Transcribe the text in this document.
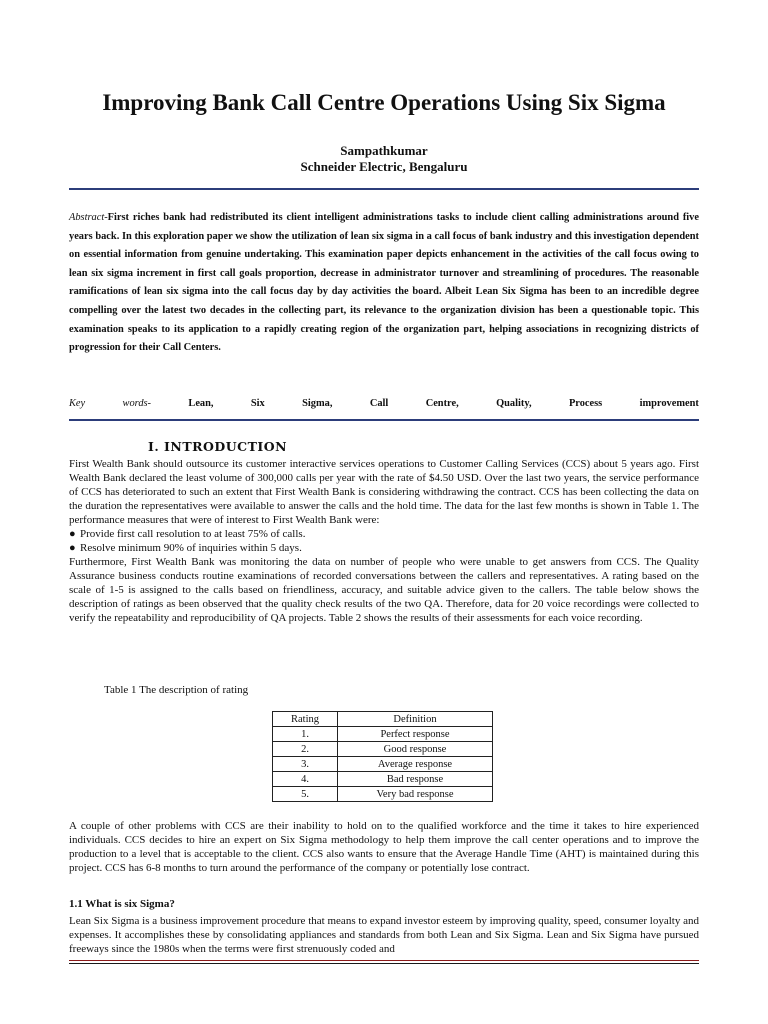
Improving Bank Call Centre Operations Using Six Sigma
Sampathkumar
Schneider Electric, Bengaluru
Abstract-First riches bank had redistributed its client intelligent administrations tasks to include client calling administrations around five years back. In this exploration paper we show the utilization of lean six sigma in a call focus of bank industry and this investigation dependent on essential information from genuine undertaking. This examination paper depicts enhancement in the activities of the call focus owing to lean six sigma increment in first call goals proportion, decrease in administrator turnover and streamlining of procedures. The reasonable ramifications of lean six sigma into the call focus day by day activities the board. Albeit Lean Six Sigma has been to an incredible degree compelling over the latest two decades in the collecting part, its relevance to the organization division has been a questionable topic. This examination speaks to its application to a rapidly creating region of the organization part, helping associations in recognizing districts of progression for their Call Centers.
Key	words-	Lean,	Six	Sigma,	Call	Centre,	Quality,	Process	improvement
I. INTRODUCTION

First Wealth Bank should outsource its customer interactive services operations to Customer Calling Services (CCS) about 5 years ago. First Wealth Bank declared the least volume of 300,000 calls per year with the rate of $4.50 USD. Over the last two years, the service performance of CCS has deteriorated to such an extent that First Wealth Bank is considering withdrawing the contract. CCS has been collecting the data on the duration the representatives were available to answer the calls and the hold time. The data for the last few months is shown in Table 1. The performance measures that were of interest to First Wealth Bank were:

● Provide first call resolution to at least 75% of calls.
● Resolve minimum 90% of inquiries within 5 days.

Furthermore, First Wealth Bank was monitoring the data on number of people who were unable to get answers from CCS. The Quality Assurance business conducts routine examinations of recorded conversations between the callers and representatives. A rating based on the scale of 1-5 is assigned to the calls based on friendliness, accuracy, and suitable advice given to the callers. The table below shows the description of ratings as been observed that the quality check results of the two QA. Therefore, data for 20 voice recordings were collected to verify the repeatability and reproducibility of QA projects. Table 2 shows the results of their assessments for each voice recording.

Table 1 The description of rating
Rating	Definition
1.	Perfect response
2.	Good response
3.	Average response
4.	Bad response
5.	Very bad response
A couple of other problems with CCS are their inability to hold on to the qualified workforce and the time it takes to hire experienced individuals. CCS decides to hire an expert on Six Sigma methodology to help them improve the call center operations and to improve the production to a level that is acceptable to the client. CCS also wants to ensure that the Average Handle Time (AHT) is maintained during this project. CCS has 6-8 months to turn around the performance of the company or potentially lose contract.
1.1 What is six Sigma?
Lean Six Sigma is a business improvement procedure that means to expand investor esteem by improving quality, speed, consumer loyalty and expenses. It accomplishes these by consolidating appliances and standards from both Lean and Six Sigma. Lean and Six Sigma have pursued freeways since the 1980s when the terms were first strenuously coded and
